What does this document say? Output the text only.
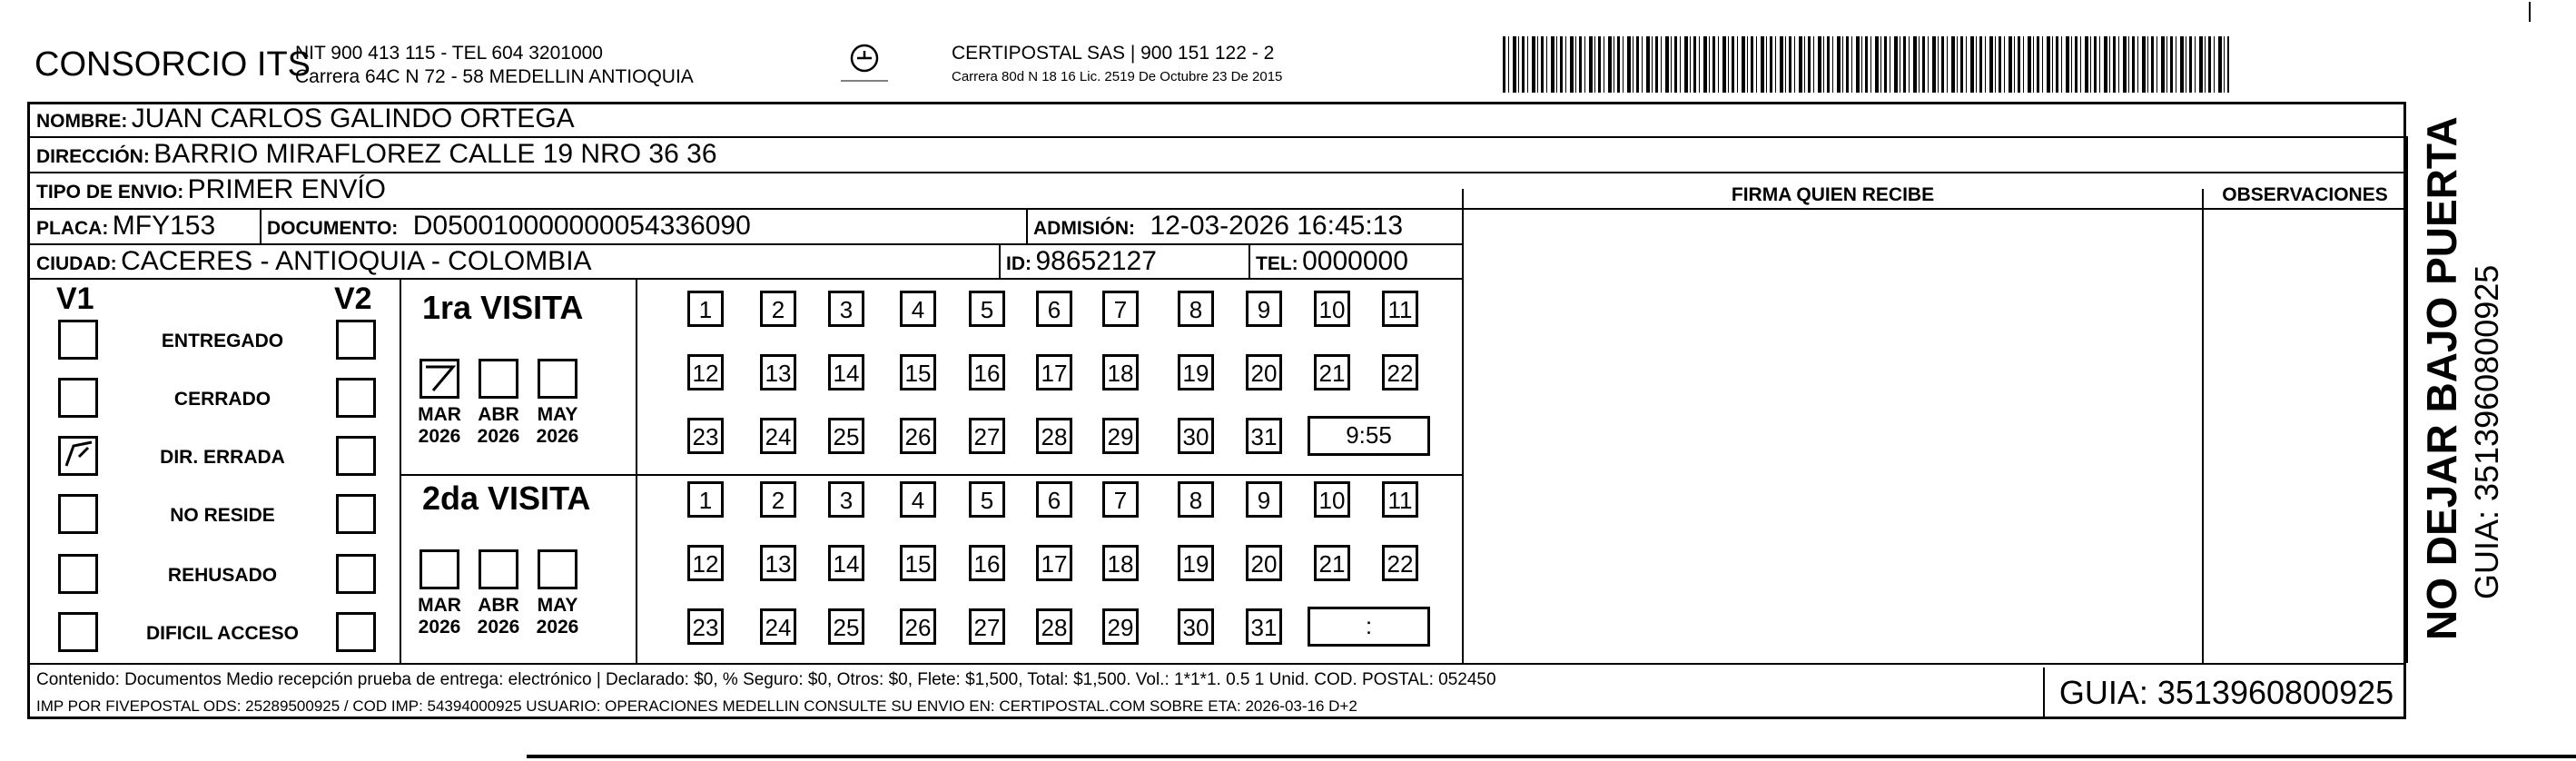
CONSORCIO ITS
NIT 900 413 115 - TEL 604 3201000
Carrera 64C N 72 - 58 MEDELLIN ANTIOQUIA
CERTIPOSTAL SAS | 900 151 122 - 2
Carrera 80d N 18 16 Lic. 2519 De Octubre 23 De 2015
NOMBRE: JUAN CARLOS GALINDO ORTEGA
DIRECCIÓN: BARRIO MIRAFLOREZ CALLE 19 NRO 36 36
TIPO DE ENVIO: PRIMER ENVÍO
PLACA: MFY153	DOCUMENTO: D050010000000054336090	ADMISIÓN: 12-03-2026 16:45:13
CIUDAD: CACERES - ANTIOQUIA - COLOMBIA	ID: 98652127	TEL: 0000000
FIRMA QUIEN RECIBE	OBSERVACIONES
V1	V2
ENTREGADO
CERRADO
DIR. ERRADA
NO RESIDE
REHUSADO
DIFICIL ACCESO
1ra VISITA
2da VISITA
MAR
2026
ABR
2026
MAY
2026
MAR
2026
ABR
2026
MAY
2026
1	2	3	4	5	6	7	8	9	10 11
12 13 14 15 16 17 18 19 20 21 22
23 24 25 26 27 28 29 30 31	9:55
1	2	3	4	5	6	7	8	9	10 11
12 13 14 15 16 17 18 19 20 21 22
23 24 25 26 27 28 29 30 31	:	NO DEJAR BAJO PUERTA GUIA: 3513960800925
Contenido: Documentos Medio recepción prueba de entrega: electrónico | Declarado: $0, % Seguro: $0, Otros: $0, Flete: $1,500, Total: $1,500. Vol.: 1*1*1. 0.5 1 Unid. COD. POSTAL: 052450
IMP POR FIVEPOSTAL ODS: 25289500925 / COD IMP: 54394000925 USUARIO: OPERACIONES MEDELLIN CONSULTE SU ENVIO EN: CERTIPOSTAL.COM SOBRE ETA: 2026-03-16 D+2	GUIA: 3513960800925
